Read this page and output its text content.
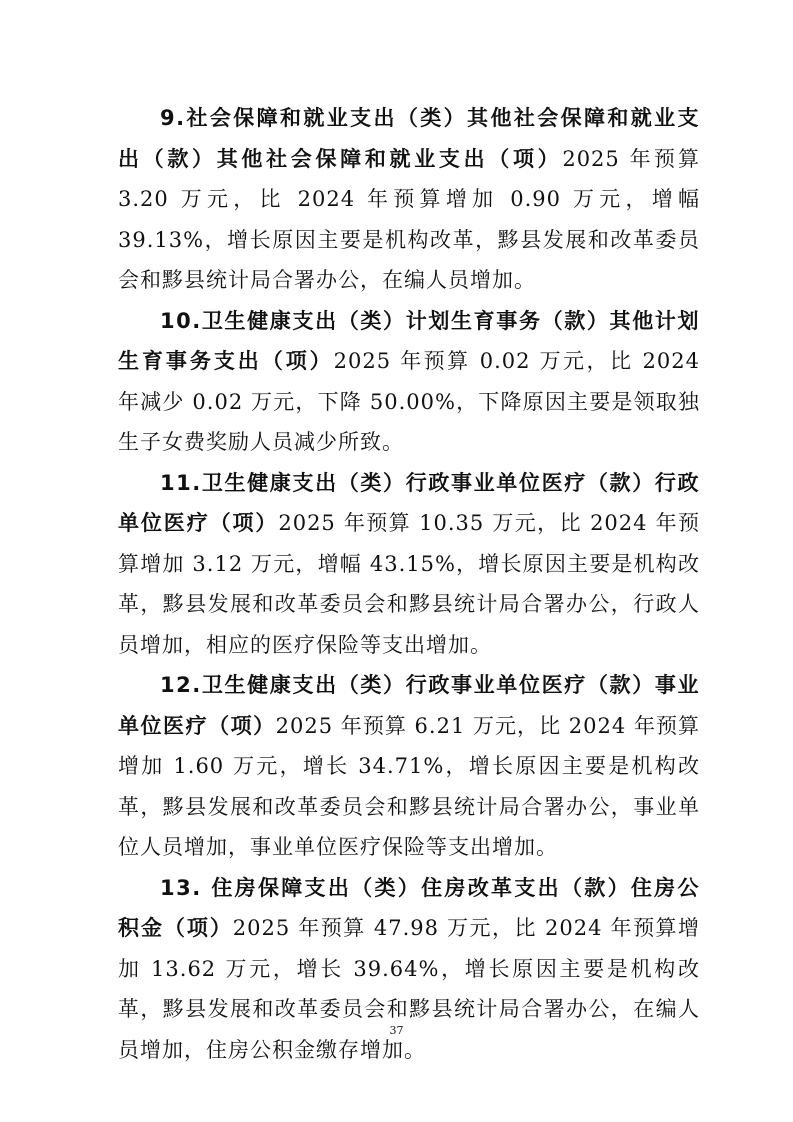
9.社会保障和就业支出（类）其他社会保障和就业支出（款）其他社会保障和就业支出（项）2025 年预算 3.20 万元，比 2024 年预算增加 0.90 万元，增幅 39.13%，增长原因主要是机构改革，黟县发展和改革委员会和黟县统计局合署办公，在编人员增加。

10.卫生健康支出（类）计划生育事务（款）其他计划生育事务支出（项）2025 年预算 0.02 万元，比 2024 年减少 0.02 万元，下降 50.00%，下降原因主要是领取独生子女费奖励人员减少所致。

11.卫生健康支出（类）行政事业单位医疗（款）行政单位医疗（项）2025 年预算 10.35 万元，比 2024 年预算增加 3.12 万元，增幅 43.15%，增长原因主要是机构改革，黟县发展和改革委员会和黟县统计局合署办公，行政人员增加，相应的医疗保险等支出增加。

12.卫生健康支出（类）行政事业单位医疗（款）事业单位医疗（项）2025 年预算 6.21 万元，比 2024 年预算增加 1.60 万元，增长 34.71%，增长原因主要是机构改革，黟县发展和改革委员会和黟县统计局合署办公，事业单位人员增加，事业单位医疗保险等支出增加。

13. 住房保障支出（类）住房改革支出（款）住房公积金（项）2025 年预算 47.98 万元，比 2024 年预算增加 13.62 万元，增长 39.64%，增长原因主要是机构改革，黟县发展和改革委员会和黟县统计局合署办公，在编人员增加，住房公积金缴存增加。

37
